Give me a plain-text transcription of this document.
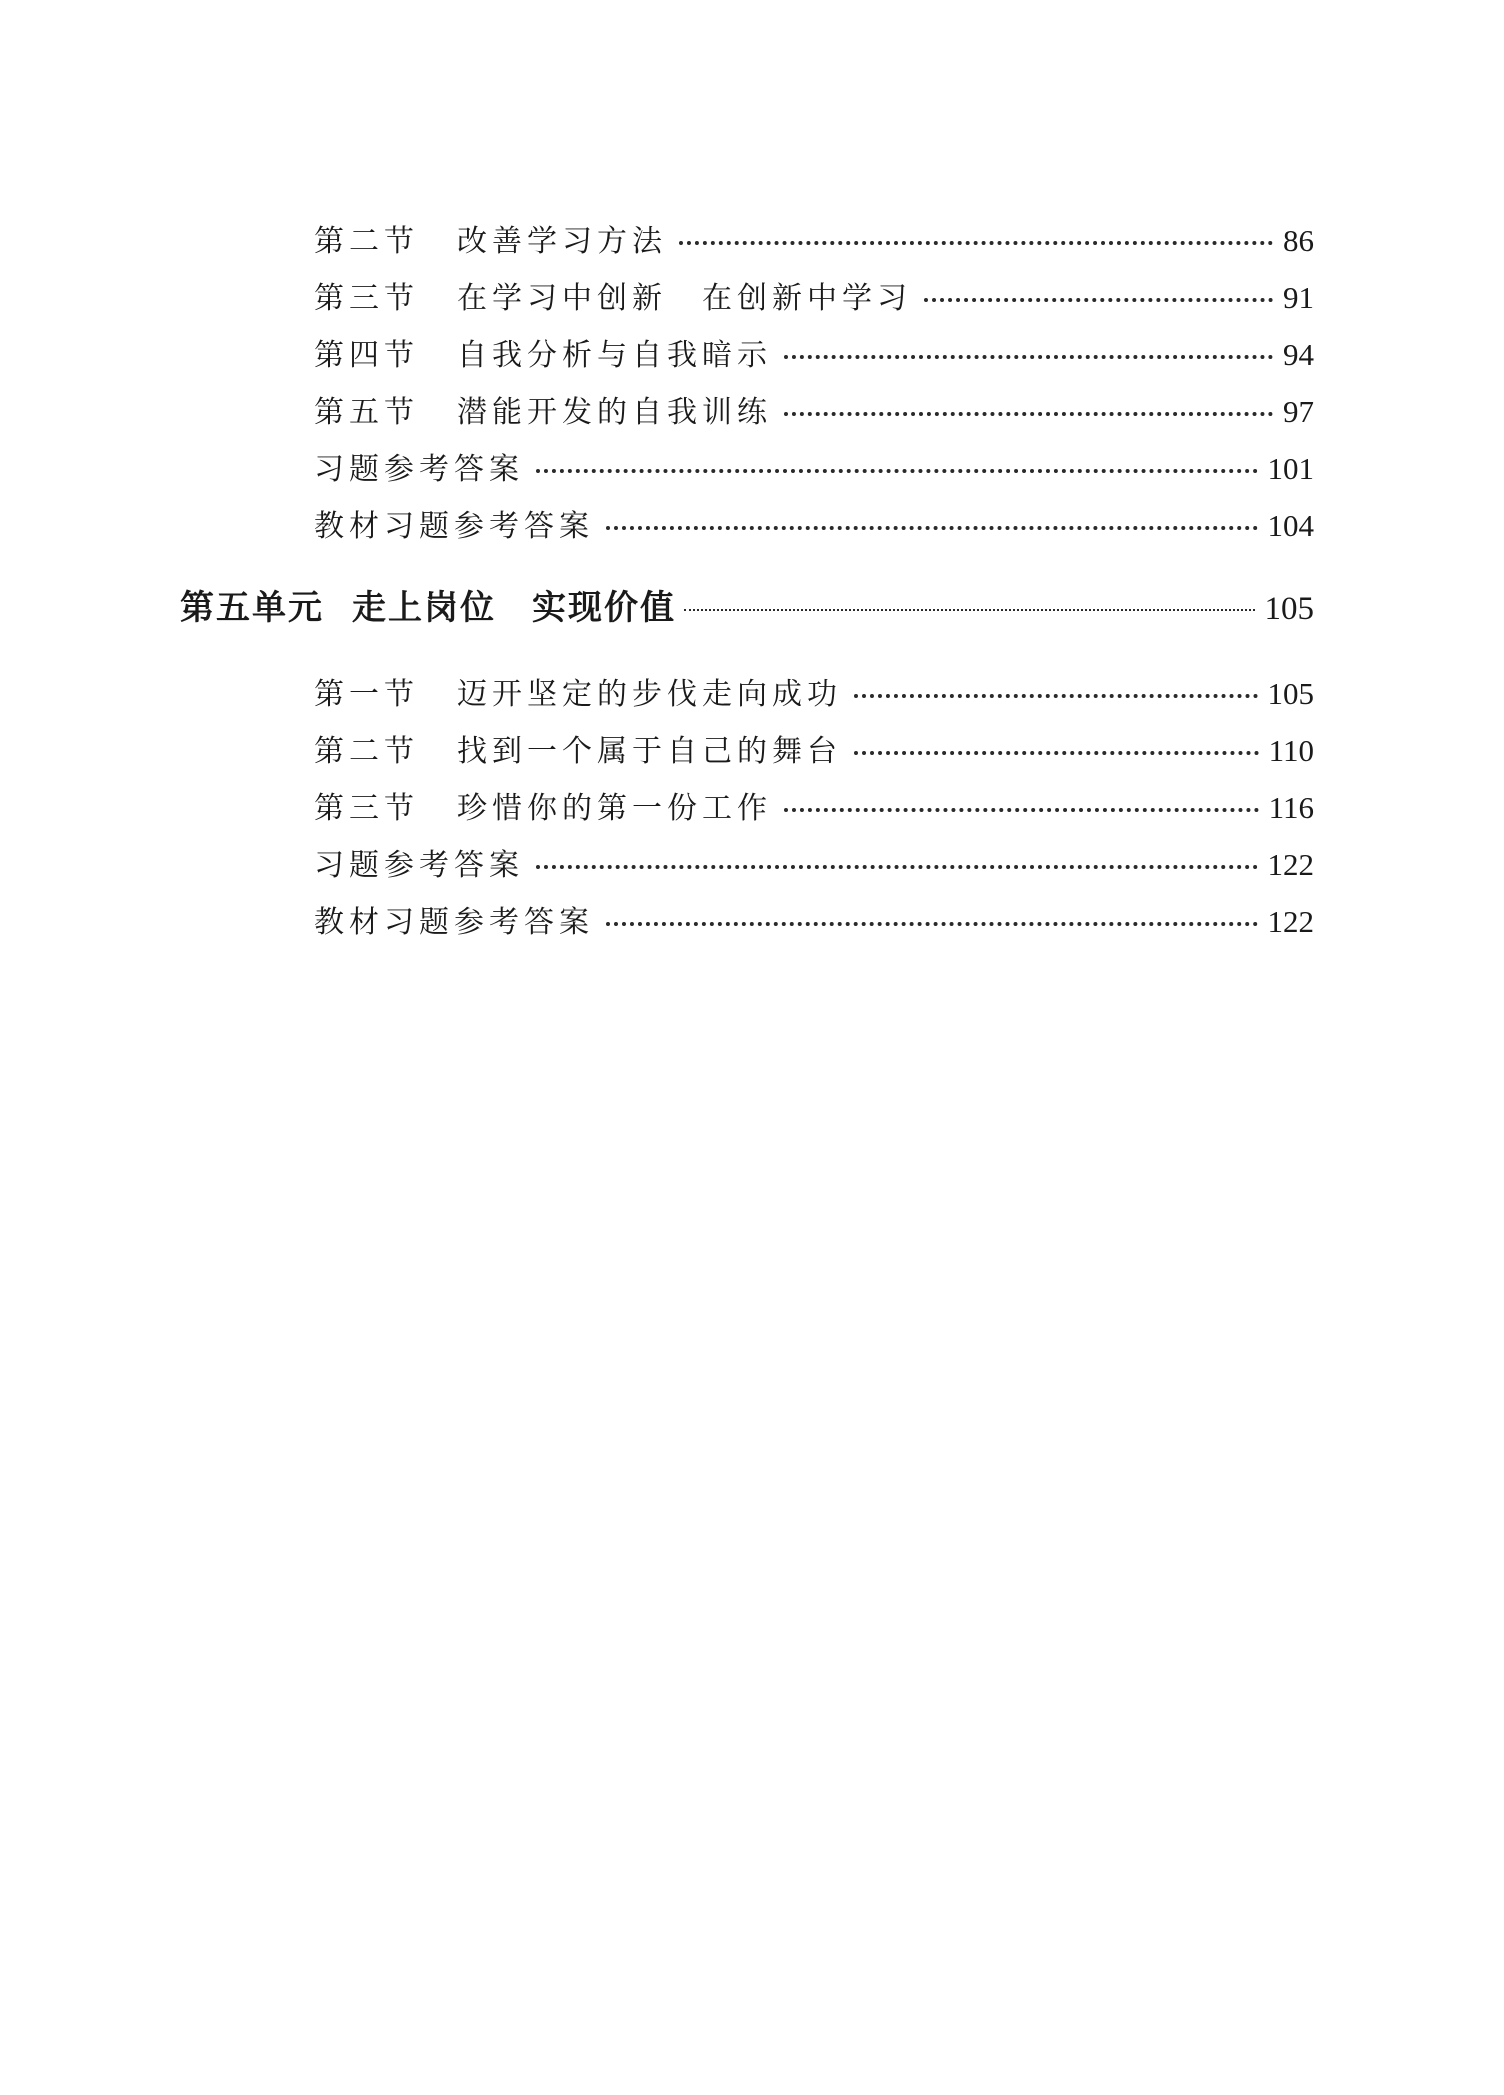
第二节 改善学习方法	86
第三节 在学习中创新　在创新中学习	91
第四节 自我分析与自我暗示	94
第五节 潜能开发的自我训练	97
习题参考答案	101
教材习题参考答案	104
第五单元 走上岗位　实现价值	105
第一节 迈开坚定的步伐走向成功	105
第二节 找到一个属于自己的舞台	110
第三节 珍惜你的第一份工作	116
习题参考答案	122
教材习题参考答案	122
